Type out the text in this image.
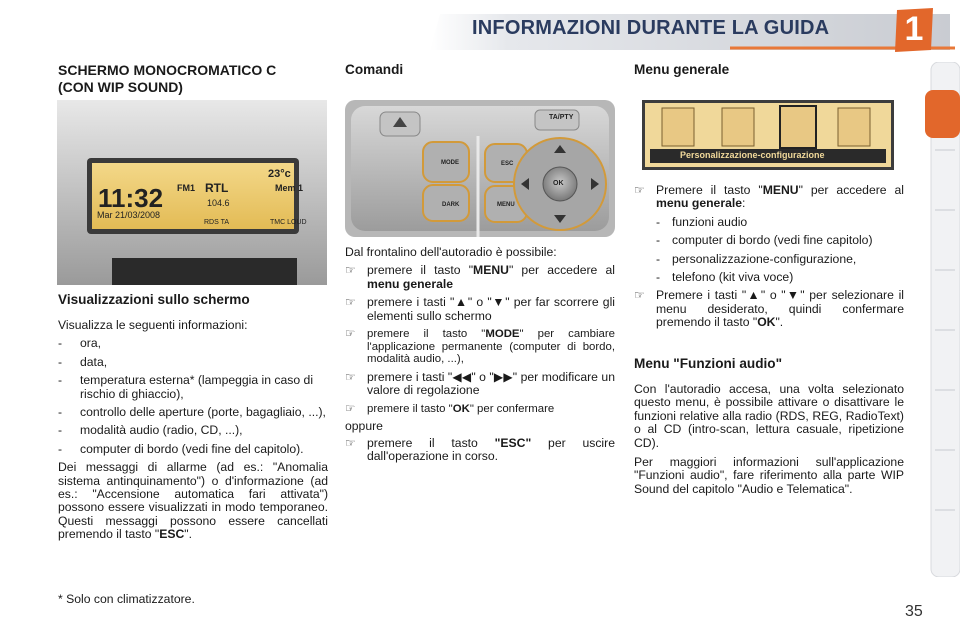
INFORMAZIONI DURANTE LA GUIDA	1
SCHERMO MONOCROMATICO C
(CON WIP SOUND)
11:32
Mar 21/03/2008
23°c
FM1 RTL	Mem 1
104.6
RDS TA	TMC LOUD
Visualizzazioni sullo schermo

Visualizza le seguenti informazioni:

- ora,
- data,
- temperatura esterna* (lampeggia in caso di rischio di ghiaccio),
- controllo delle aperture (porte, bagagliaio, ...),
- modalità audio (radio, CD, ...),
- computer di bordo (vedi fine del capitolo).

Dei messaggi di allarme (ad es.: "Anomalia sistema antinquinamento") o d'informazione (ad es.: "Accensione automatica fari attivata") possono essere visualizzati in modo temporaneo. Questi messaggi possono essere cancellati premendo il tasto "ESC".

* Solo con climatizzatore.
Comandi
TA/PTY
MODE
DARK
ESC
MENU
OK

Dal frontalino dell'autoradio è possibile:

☞ premere il tasto "MENU" per accedere al menu generale
☞ premere i tasti "▲" o "▼" per far scorrere gli elementi sullo schermo
☞ premere il tasto "MODE" per cambiare l'applicazione permanente (computer di bordo, modalità audio, ...),
☞ premere i tasti "◀◀" o "▶▶" per modificare un valore di regolazione
☞ premere il tasto "OK" per confermare

oppure

☞ premere il tasto "ESC" per uscire dall'operazione in corso.
Menu generale
Personalizzazione-configurazione
☞ Premere il tasto "MENU" per accedere al menu generale:
- funzioni audio
- computer di bordo (vedi fine capitolo)
- personalizzazione-configurazione,
- telefono (kit viva voce)
☞ Premere i tasti "▲" o "▼" per selezionare il menu desiderato, quindi confermare premendo il tasto "OK".
Menu "Funzioni audio"

Con l'autoradio accesa, una volta selezionato questo menu, è possibile attivare o disattivare le funzioni relative alla radio (RDS, REG, RadioText) o al CD (intro-scan, lettura casuale, ripetizione CD).

Per maggiori informazioni sull'applicazione "Funzioni audio", fare riferimento alla parte WIP Sound del capitolo "Audio e Telematica".

35
